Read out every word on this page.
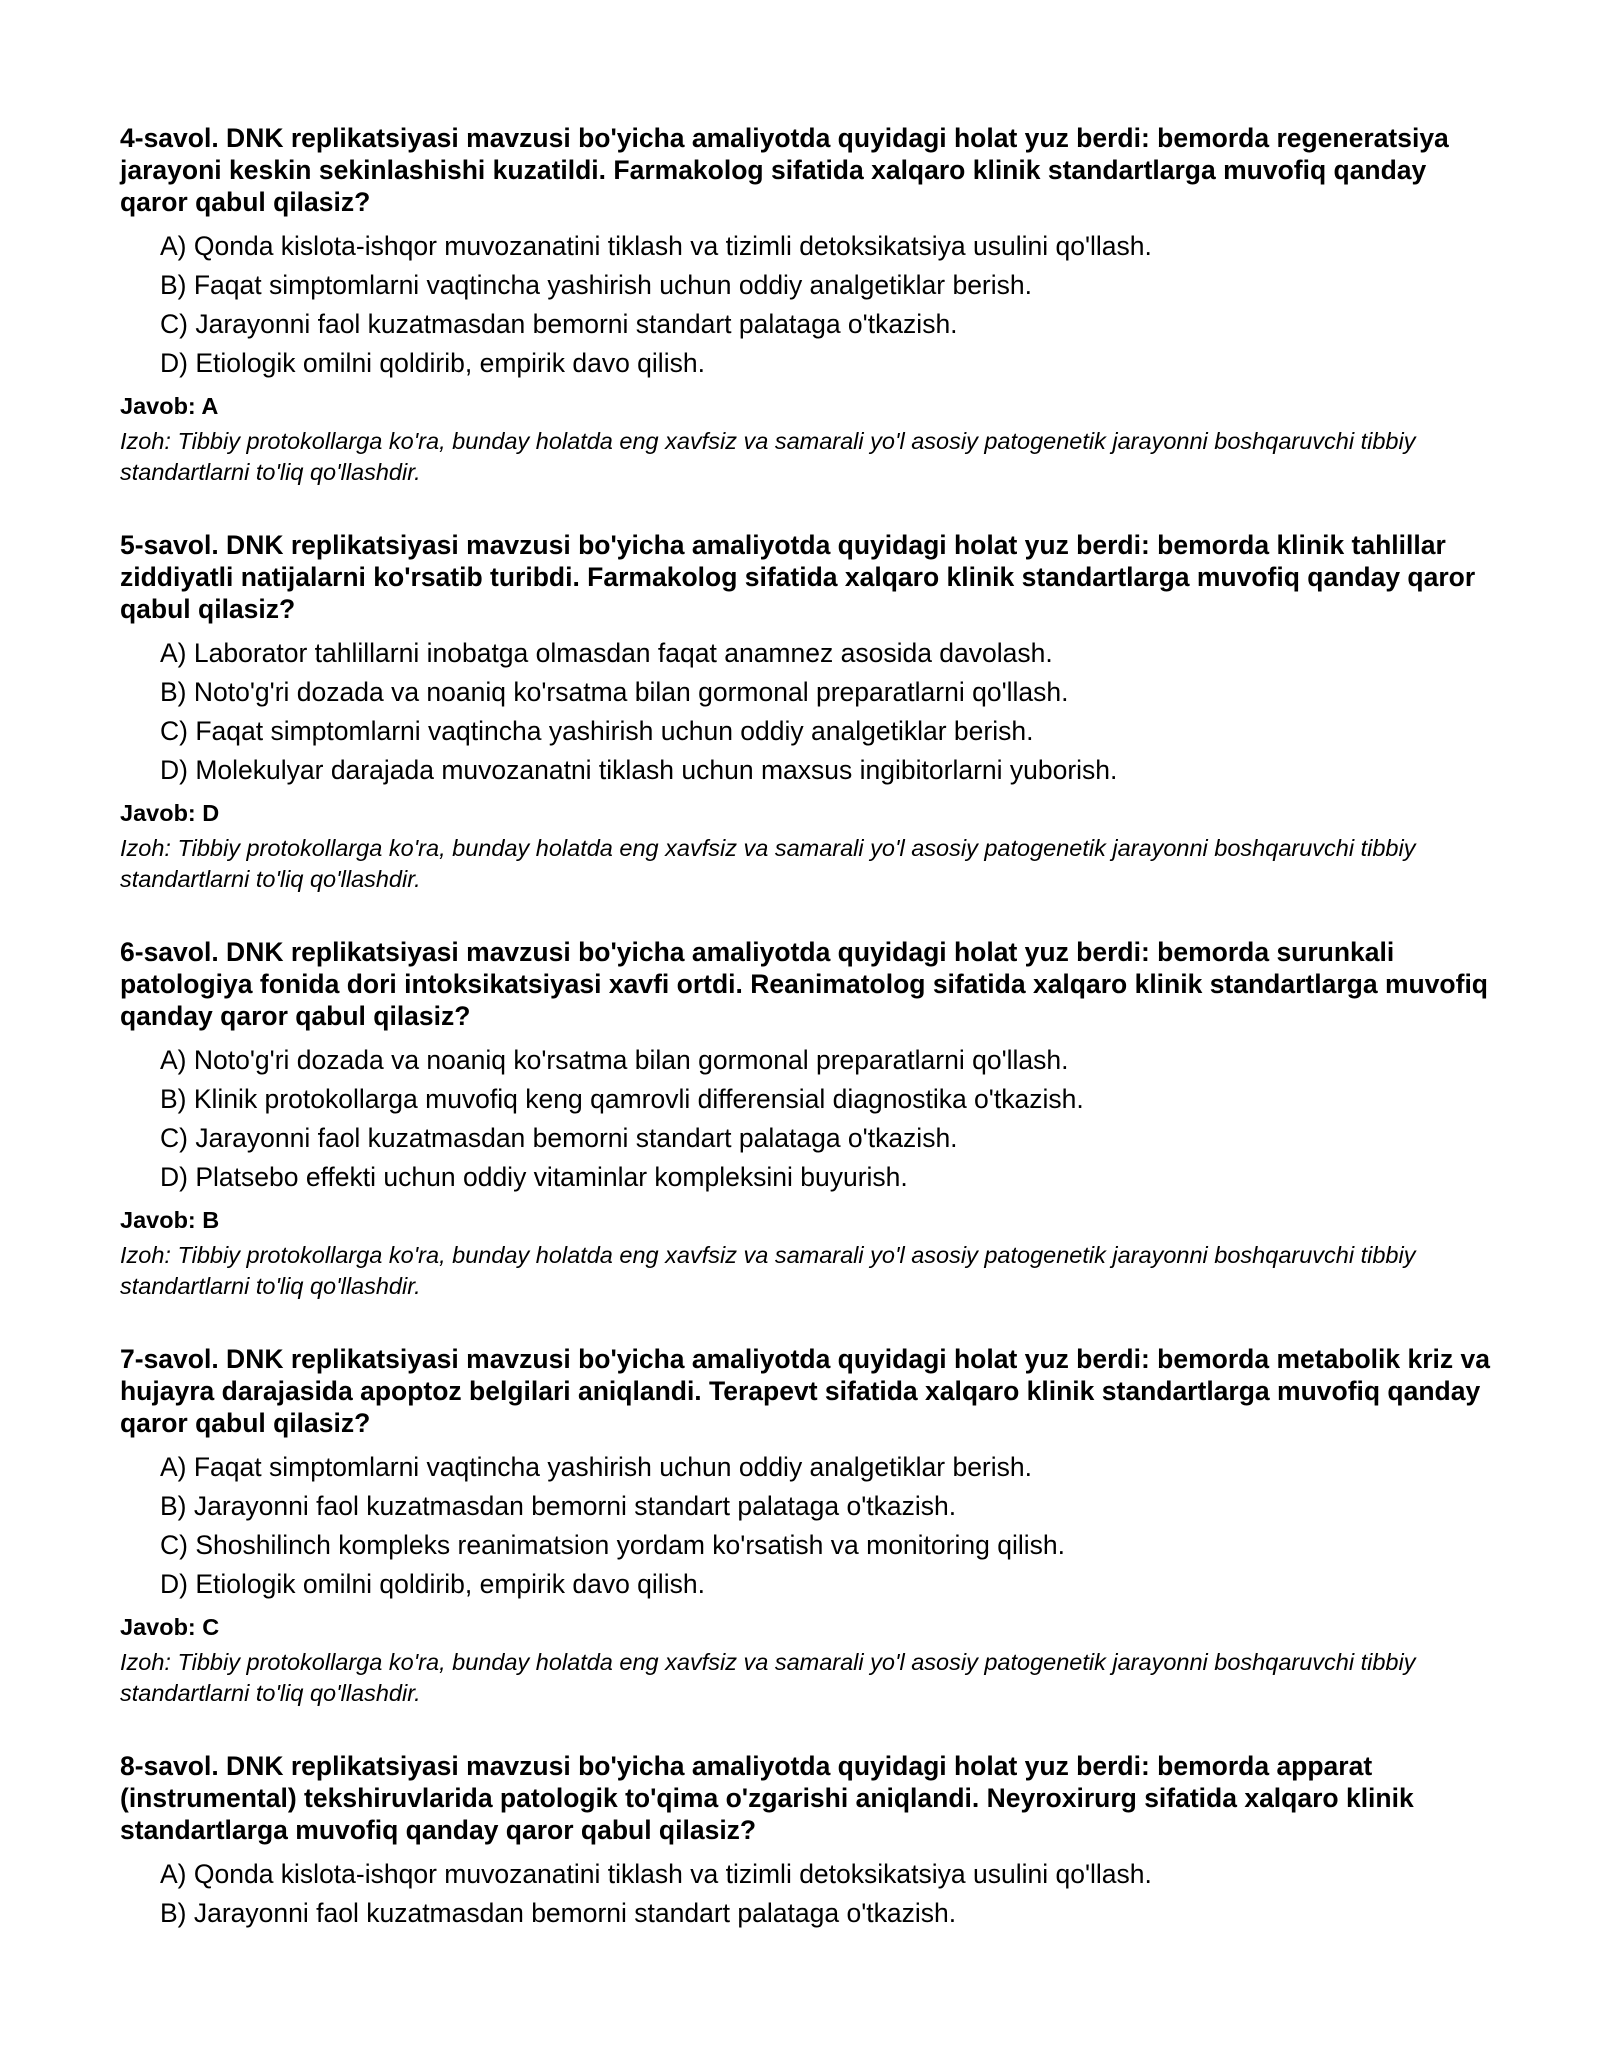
4-savol. DNK replikatsiyasi mavzusi bo'yicha amaliyotda quyidagi holat yuz berdi: bemorda regeneratsiya jarayoni keskin sekinlashishi kuzatildi. Farmakolog sifatida xalqaro klinik standartlarga muvofiq qanday qaror qabul qilasiz?

A) Qonda kislota-ishqor muvozanatini tiklash va tizimli detoksikatsiya usulini qo'llash.
B) Faqat simptomlarni vaqtincha yashirish uchun oddiy analgetiklar berish.
C) Jarayonni faol kuzatmasdan bemorni standart palataga o'tkazish.
D) Etiologik omilni qoldirib, empirik davo qilish.

Javob: A

Izoh: Tibbiy protokollarga ko'ra, bunday holatda eng xavfsiz va samarali yo'l asosiy patogenetik jarayonni boshqaruvchi tibbiy standartlarni to'liq qo'llashdir.

5-savol. DNK replikatsiyasi mavzusi bo'yicha amaliyotda quyidagi holat yuz berdi: bemorda klinik tahlillar ziddiyatli natijalarni ko'rsatib turibdi. Farmakolog sifatida xalqaro klinik standartlarga muvofiq qanday qaror qabul qilasiz?

A) Laborator tahlillarni inobatga olmasdan faqat anamnez asosida davolash.
B) Noto'g'ri dozada va noaniq ko'rsatma bilan gormonal preparatlarni qo'llash.
C) Faqat simptomlarni vaqtincha yashirish uchun oddiy analgetiklar berish.
D) Molekulyar darajada muvozanatni tiklash uchun maxsus ingibitorlarni yuborish.

Javob: D

Izoh: Tibbiy protokollarga ko'ra, bunday holatda eng xavfsiz va samarali yo'l asosiy patogenetik jarayonni boshqaruvchi tibbiy standartlarni to'liq qo'llashdir.

6-savol. DNK replikatsiyasi mavzusi bo'yicha amaliyotda quyidagi holat yuz berdi: bemorda surunkali patologiya fonida dori intoksikatsiyasi xavfi ortdi. Reanimatolog sifatida xalqaro klinik standartlarga muvofiq qanday qaror qabul qilasiz?

A) Noto'g'ri dozada va noaniq ko'rsatma bilan gormonal preparatlarni qo'llash.
B) Klinik protokollarga muvofiq keng qamrovli differensial diagnostika o'tkazish.
C) Jarayonni faol kuzatmasdan bemorni standart palataga o'tkazish.
D) Platsebo effekti uchun oddiy vitaminlar kompleksini buyurish.

Javob: B

Izoh: Tibbiy protokollarga ko'ra, bunday holatda eng xavfsiz va samarali yo'l asosiy patogenetik jarayonni boshqaruvchi tibbiy standartlarni to'liq qo'llashdir.

7-savol. DNK replikatsiyasi mavzusi bo'yicha amaliyotda quyidagi holat yuz berdi: bemorda metabolik kriz va hujayra darajasida apoptoz belgilari aniqlandi. Terapevt sifatida xalqaro klinik standartlarga muvofiq qanday qaror qabul qilasiz?

A) Faqat simptomlarni vaqtincha yashirish uchun oddiy analgetiklar berish.
B) Jarayonni faol kuzatmasdan bemorni standart palataga o'tkazish.
C) Shoshilinch kompleks reanimatsion yordam ko'rsatish va monitoring qilish.
D) Etiologik omilni qoldirib, empirik davo qilish.

Javob: C

Izoh: Tibbiy protokollarga ko'ra, bunday holatda eng xavfsiz va samarali yo'l asosiy patogenetik jarayonni boshqaruvchi tibbiy standartlarni to'liq qo'llashdir.

8-savol. DNK replikatsiyasi mavzusi bo'yicha amaliyotda quyidagi holat yuz berdi: bemorda apparat (instrumental) tekshiruvlarida patologik to'qima o'zgarishi aniqlandi. Neyroxirurg sifatida xalqaro klinik standartlarga muvofiq qanday qaror qabul qilasiz?

A) Qonda kislota-ishqor muvozanatini tiklash va tizimli detoksikatsiya usulini qo'llash.
B) Jarayonni faol kuzatmasdan bemorni standart palataga o'tkazish.
